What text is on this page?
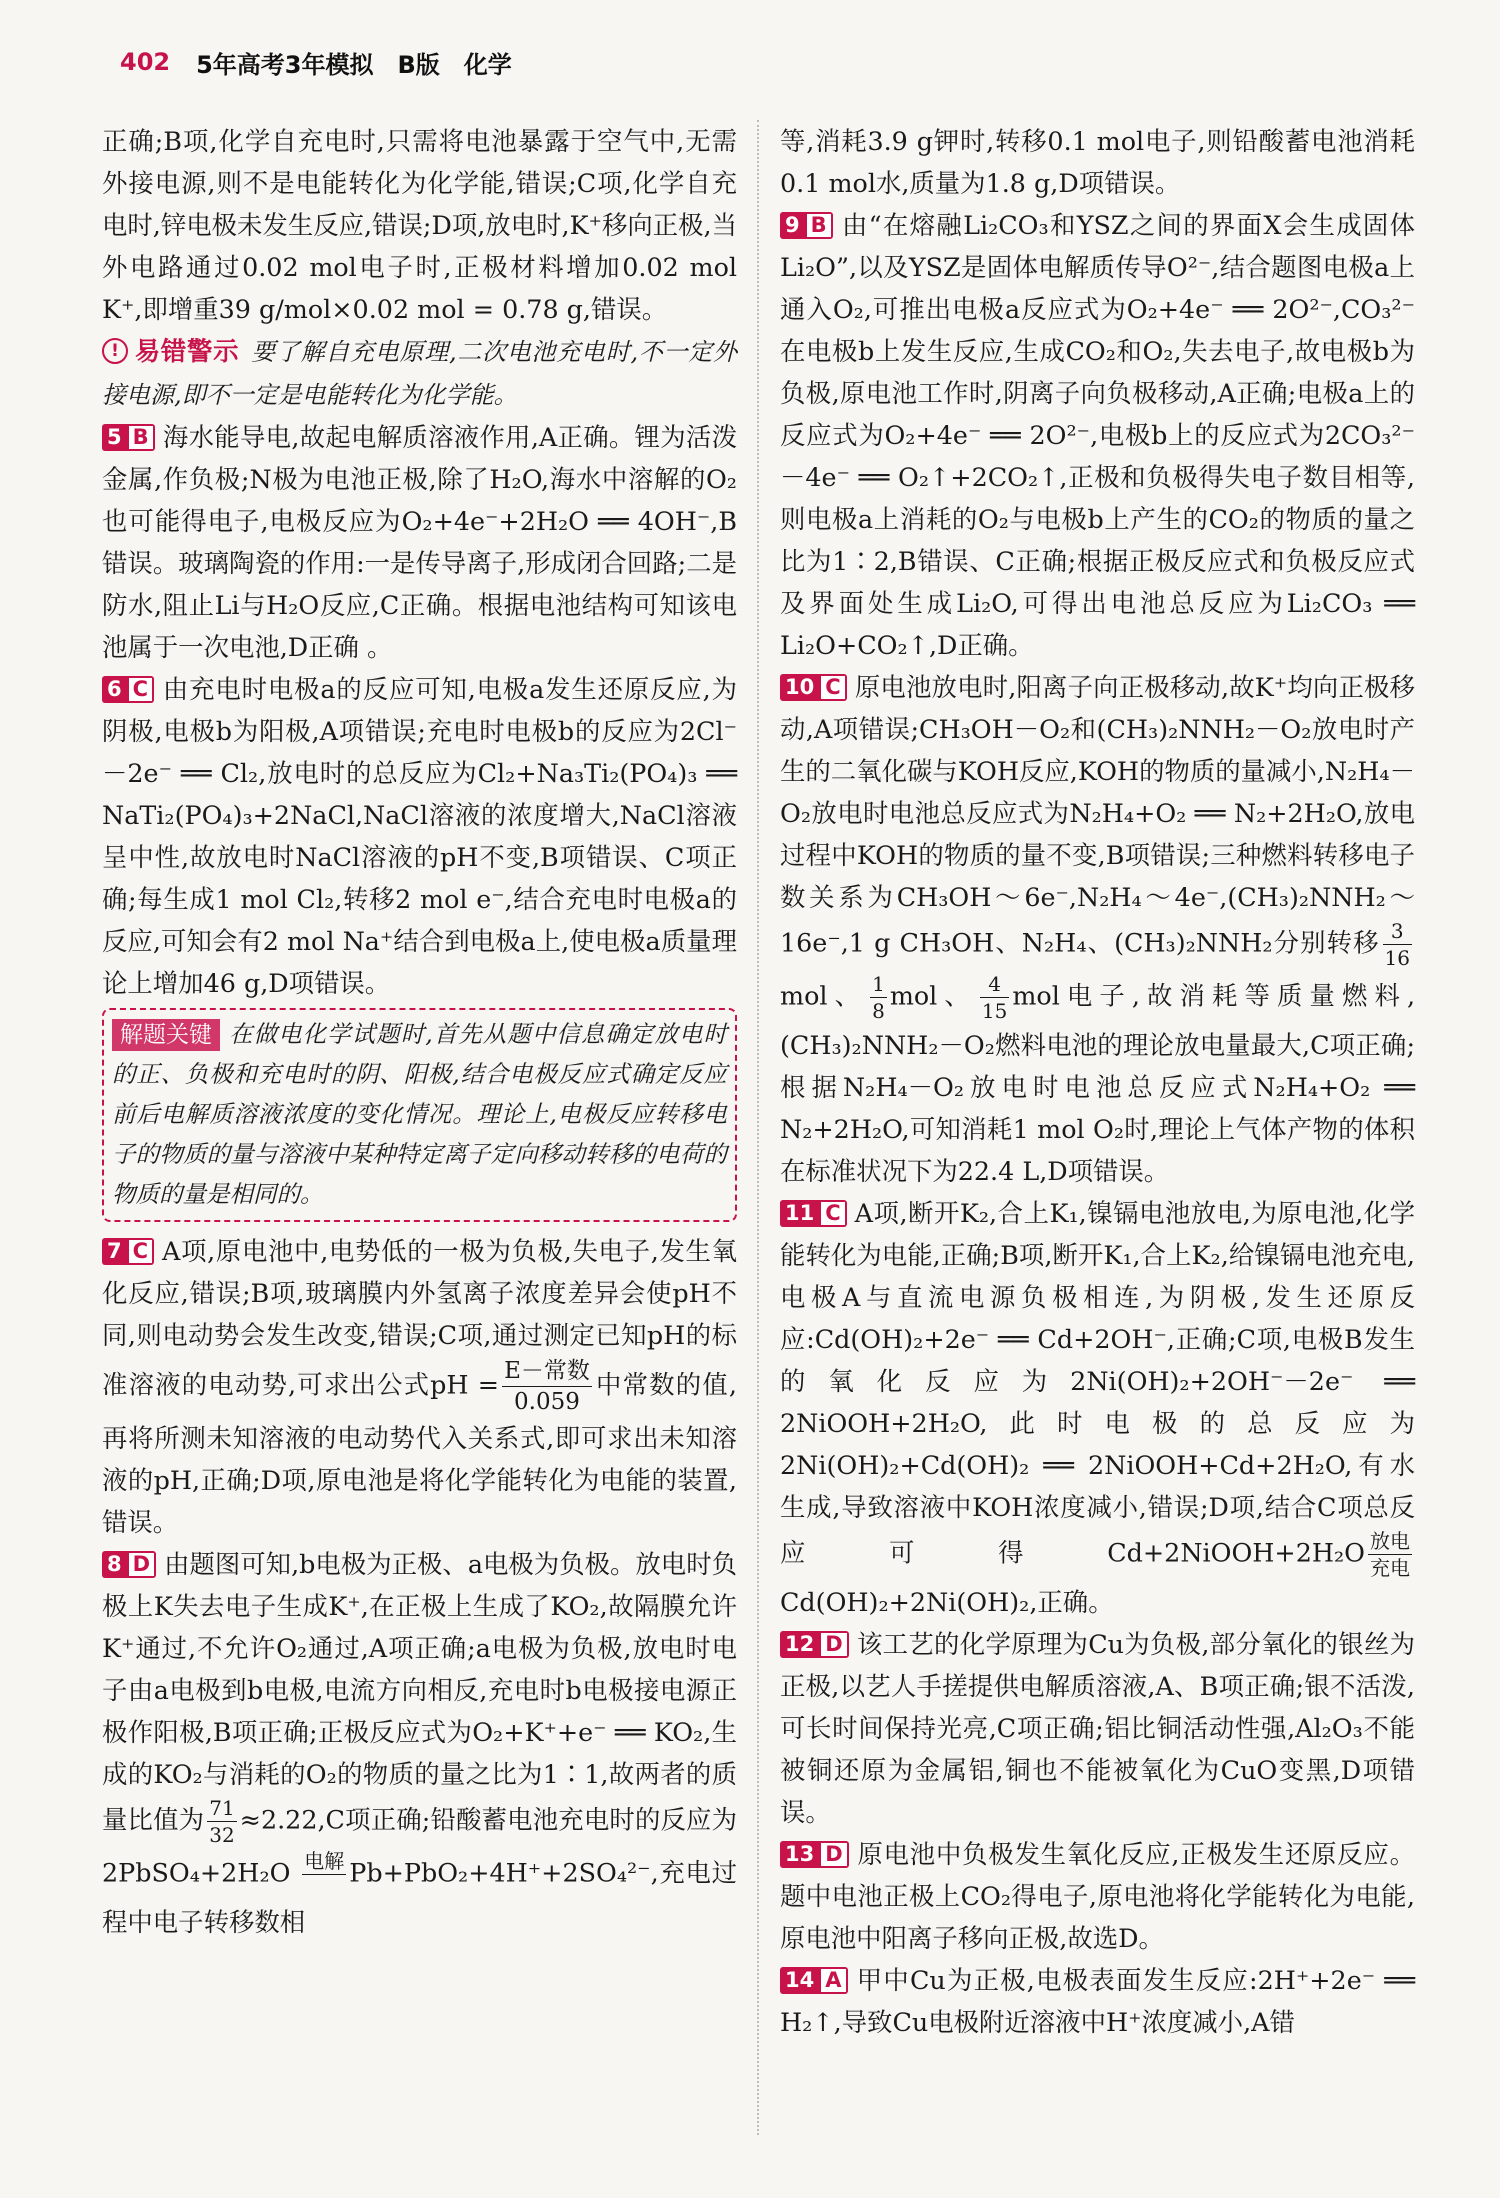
402 5年高考3年模拟　B版　化学

正确;B项,化学自充电时,只需将电池暴露于空气中,无需外接电源,则不是电能转化为化学能,错误;C项,化学自充电时,锌电极未发生反应,错误;D项,放电时,K⁺移向正极,当外电路通过0.02 mol电子时,正极材料增加0.02 mol K⁺,即增重39 g/mol×0.02 mol = 0.78 g,错误。

! 易错警示 要了解自充电原理,二次电池充电时,不一定外接电源,即不一定是电能转化为化学能。

5 B 海水能导电,故起电解质溶液作用,A正确。锂为活泼金属,作负极;N极为电池正极,除了H₂O,海水中溶解的O₂也可能得电子,电极反应为O₂+4e⁻+2H₂O ══ 4OH⁻,B错误。玻璃陶瓷的作用:一是传导离子,形成闭合回路;二是防水,阻止Li与H₂O反应,C正确。根据电池结构可知该电池属于一次电池,D正确 。

6 C 由充电时电极a的反应可知,电极a发生还原反应,为阴极,电极b为阳极,A项错误;充电时电极b的反应为2Cl⁻－2e⁻ ══ Cl₂,放电时的总反应为Cl₂+Na₃Ti₂(PO₄)₃ ══ NaTi₂(PO₄)₃+2NaCl,NaCl溶液的浓度增大,NaCl溶液呈中性,故放电时NaCl溶液的pH不变,B项错误、C项正确;每生成1 mol Cl₂,转移2 mol e⁻,结合充电时电极a的反应,可知会有2 mol Na⁺结合到电极a上,使电极a质量理论上增加46 g,D项错误。

解题关键 在做电化学试题时,首先从题中信息确定放电时的正、负极和充电时的阴、阳极,结合电极反应式确定反应前后电解质溶液浓度的变化情况。理论上,电极反应转移电子的物质的量与溶液中某种特定离子定向移动转移的电荷的物质的量是相同的。

7 C A项,原电池中,电势低的一极为负极,失电子,发生氧化反应,错误;B项,玻璃膜内外氢离子浓度差异会使pH不同,则电动势会发生改变,错误;C项,通过测定已知pH的标准溶液的电动势,可求出公式pH = $\frac{\text{E－常数}}{0.059}$ 中常数的值,再将所测未知溶液的电动势代入关系式,即可求出未知溶液的pH,正确;D项,原电池是将化学能转化为电能的装置,错误。

8 D 由题图可知,b电极为正极、a电极为负极。放电时负极上K失去电子生成K⁺,在正极上生成了KO₂,故隔膜允许K⁺通过,不允许O₂通过,A项正确;a电极为负极,放电时电子由a电极到b电极,电流方向相反,充电时b电极接电源正极作阳极,B项正确;正极反应式为O₂+K⁺+e⁻ ══ KO₂,生成的KO₂与消耗的O₂的物质的量之比为1∶1,故两者的质量比值为 $\frac{71}{32} \approx 2.22,C$项正确;铅酸蓄电池充电时的反应为2PbSO₄+2H₂O 电解
Pb+PbO₂+4H⁺+2SO₄²⁻,充电过程中电子转移数相

等,消耗3.9 g钾时,转移0.1 mol电子,则铅酸蓄电池消耗0.1 mol水,质量为1.8 g,D项错误。

9 B 由“在熔融Li₂CO₃和YSZ之间的界面X会生成固体Li₂O”,以及YSZ是固体电解质传导O²⁻,结合题图电极a上通入O₂,可推出电极a反应式为O₂+4e⁻ ══ 2O²⁻,CO₃²⁻在电极b上发生反应,生成CO₂和O₂,失去电子,故电极b为负极,原电池工作时,阴离子向负极移动,A正确;电极a上的反应式为O₂+4e⁻ ══ 2O²⁻,电极b上的反应式为2CO₃²⁻－4e⁻ ══ O₂↑+2CO₂↑,正极和负极得失电子数目相等,则电极a上消耗的O₂与电极b上产生的CO₂的物质的量之比为1∶2,B错误、C正确;根据正极反应式和负极反应式及界面处生成Li₂O,可得出电池总反应为Li₂CO₃ ══ Li₂O+CO₂↑,D正确。

10 C 原电池放电时,阳离子向正极移动,故K⁺均向正极移动,A项错误;CH₃OH－O₂和(CH₃)₂NNH₂－O₂放电时产生的二氧化碳与KOH反应,KOH的物质的量减小,N₂H₄－O₂放电时电池总反应式为N₂H₄+O₂ ══ N₂+2H₂O,放电过程中KOH的物质的量不变,B项错误;三种燃料转移电子数关系为CH₃OH～6e⁻,N₂H₄～4e⁻,(CH₃)₂NNH₂～16e⁻,1 g CH₃OH、N₂H₄、(CH₃)₂NNH₂分别转移 $\frac{3}{16}$
mol、 $\frac{1}{8}$ mol、 $\frac{4}{15}$ mol电子,故消耗等质量燃料,(CH₃)₂NNH₂－O₂燃料电池的理论放电量最大,C项正确;根据N₂H₄－O₂放电时电池总反应式N₂H₄+O₂ ══ N₂+2H₂O,可知消耗1 mol O₂时,理论上气体产物的体积在标准状况下为22.4 L,D项错误。

11 C A项,断开K₂,合上K₁,镍镉电池放电,为原电池,化学能转化为电能,正确;B项,断开K₁,合上K₂,给镍镉电池充电,电极A与直流电源负极相连,为阴极,发生还原反应:Cd(OH)₂+2e⁻ ══ Cd+2OH⁻,正确;C项,电极B发生的氧化反应为2Ni(OH)₂+2OH⁻－2e⁻ ══ 2NiOOH+2H₂O,此时电极的总反应为2Ni(OH)₂+Cd(OH)₂ ══ 2NiOOH+Cd+2H₂O,有水生成,导致溶液中KOH浓度减小,错误;D项,结合C项总反应可得Cd+2NiOOH+2H₂O $\frac{\text{放电}}{\text{充电}}$
Cd(OH)₂+2Ni(OH)₂,正确。

12 D 该工艺的化学原理为Cu为负极,部分氧化的银丝为正极,以艺人手搓提供电解质溶液,A、B项正确;银不活泼,可长时间保持光亮,C项正确;铝比铜活动性强,Al₂O₃不能被铜还原为金属铝,铜也不能被氧化为CuO变黑,D项错误。

13 D 原电池中负极发生氧化反应,正极发生还原反应。题中电池正极上CO₂得电子,原电池将化学能转化为电能,原电池中阳离子移向正极,故选D。

14 A 甲中Cu为正极,电极表面发生反应:2H⁺+2e⁻ ══ H₂↑,导致Cu电极附近溶液中H⁺浓度减小,A错
